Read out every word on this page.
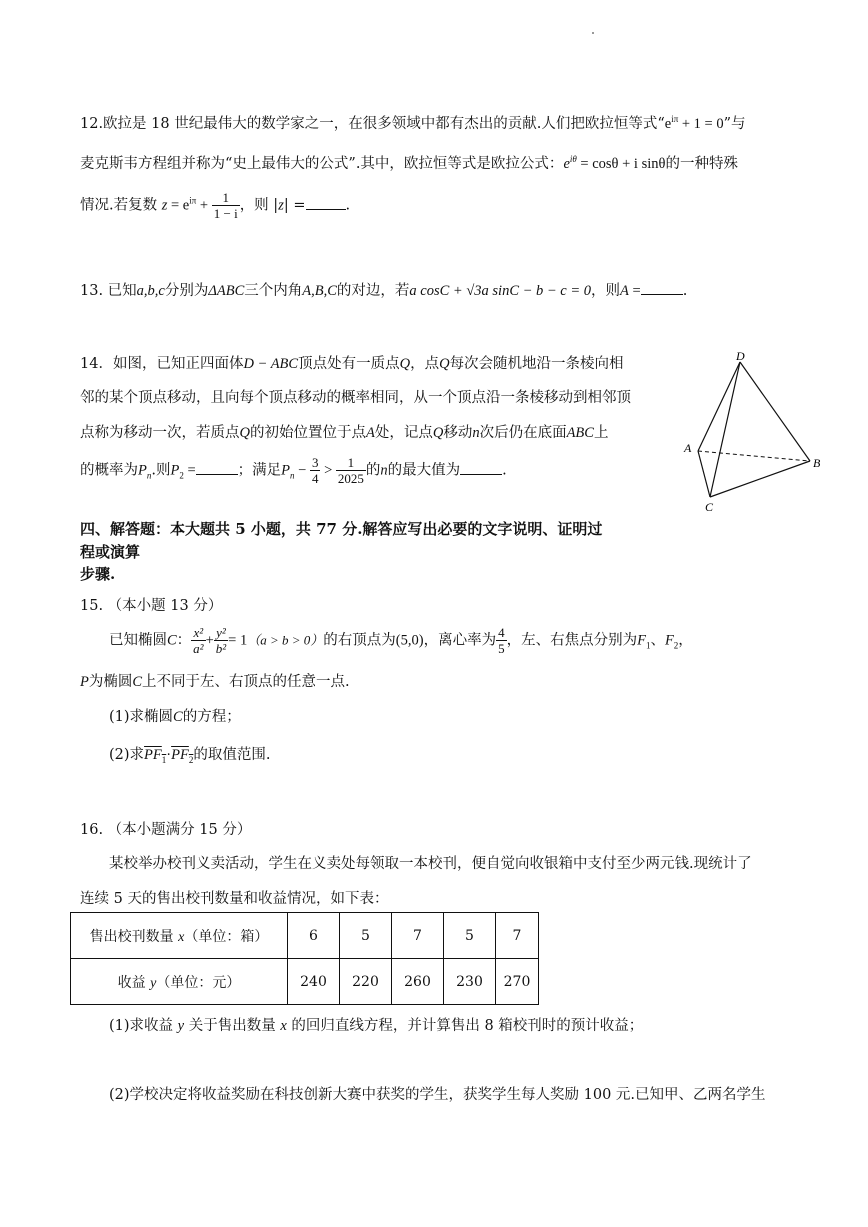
12.欧拉是 18 世纪最伟大的数学家之一，在很多领域中都有杰出的贡献.人们把欧拉恒等式“$e^{i\pi} + 1 = 0$”与
麦克斯韦方程组并称为“史上最伟大的公式”.其中，欧拉恒等式是欧拉公式：$e^{i\theta} = \cos\theta + i$ sinθ的一种特殊
情况.若复数 $z = e^{i\pi} + \frac{1}{1 - i}$ ，则 |z| =	.
13. 已知a,b,c分别为ΔABC三个内角A,B,C的对边，若a cosC + √3a sinC − b − c = 0，则A =	.
14．如图，已知正四面体D − ABC顶点处有一质点Q，点Q每次会随机地沿一条棱向相
邻的某个顶点移动，且向每个顶点移动的概率相同，从一个顶点沿一条棱移动到相邻顶
点称为移动一次，若质点Q的初始位置位于点A处，记点Q移动n次后仍在底面ABC上
的概率为$P_n$.则$P_2$ =	；满足$P_n - \frac{3}{4} > \frac{1}{2025}$ 的n的最大值为	.
D
A
B
C
四、解答题：本大题共 5 小题，共 77 分.解答应写出必要的文字说明、证明过
程或演算
步骤.
15. （本小题 13 分）
已知椭圆C： $\frac{\text{x²}}{\text{a²}} + \frac{\text{y²}}{\text{b²}} = 1(a > b > 0)$的右顶点为(5,0)，离心率为 $\frac{4}{5}$ ，左、右焦点分别为$F_1$、$F_2$，
P为椭圆C上不同于左、右顶点的任意一点.
(1)求椭圆C的方程；
(2)求$PF_1\cdot PF_2$的取值范围.
16. （本小题满分 15 分）
某校举办校刊义卖活动，学生在义卖处每领取一本校刊，便自觉向收银箱中支付至少两元钱.现统计了
连续 5 天的售出校刊数量和收益情况，如下表：
售出校刊数量 x（单位：箱）	6	5	7	5	7
收益 y（单位：元）	240	220	260	230	270
(1)求收益 y 关于售出数量 x 的回归直线方程，并计算售出 8 箱校刊时的预计收益；
(2)学校决定将收益奖励在科技创新大赛中获奖的学生，获奖学生每人奖励 100 元.已知甲、乙两名学生
